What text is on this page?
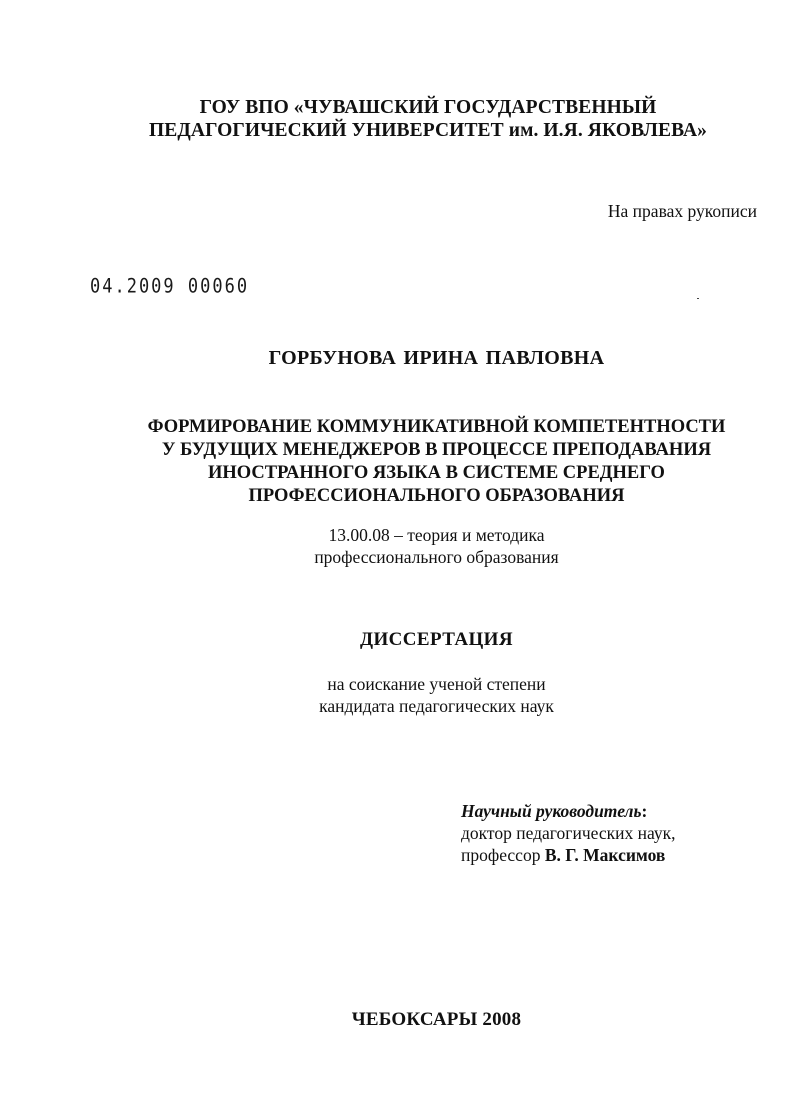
ГОУ ВПО «ЧУВАШСКИЙ ГОСУДАРСТВЕННЫЙ
ПЕДАГОГИЧЕСКИЙ УНИВЕРСИТЕТ им. И.Я. ЯКОВЛЕВА»
На правах рукописи
04.2009 00060
ГОРБУНОВА ИРИНА ПАВЛОВНА
ФОРМИРОВАНИЕ КОММУНИКАТИВНОЙ КОМПЕТЕНТНОСТИ
У БУДУЩИХ МЕНЕДЖЕРОВ В ПРОЦЕССЕ ПРЕПОДАВАНИЯ
ИНОСТРАННОГО ЯЗЫКА В СИСТЕМЕ СРЕДНЕГО
ПРОФЕССИОНАЛЬНОГО ОБРАЗОВАНИЯ
13.00.08 – теория и методика
профессионального образования
ДИССЕРТАЦИЯ
на соискание ученой степени
кандидата педагогических наук
Научный руководитель:
доктор педагогических наук,
профессор В. Г. Максимов
ЧЕБОКСАРЫ 2008
